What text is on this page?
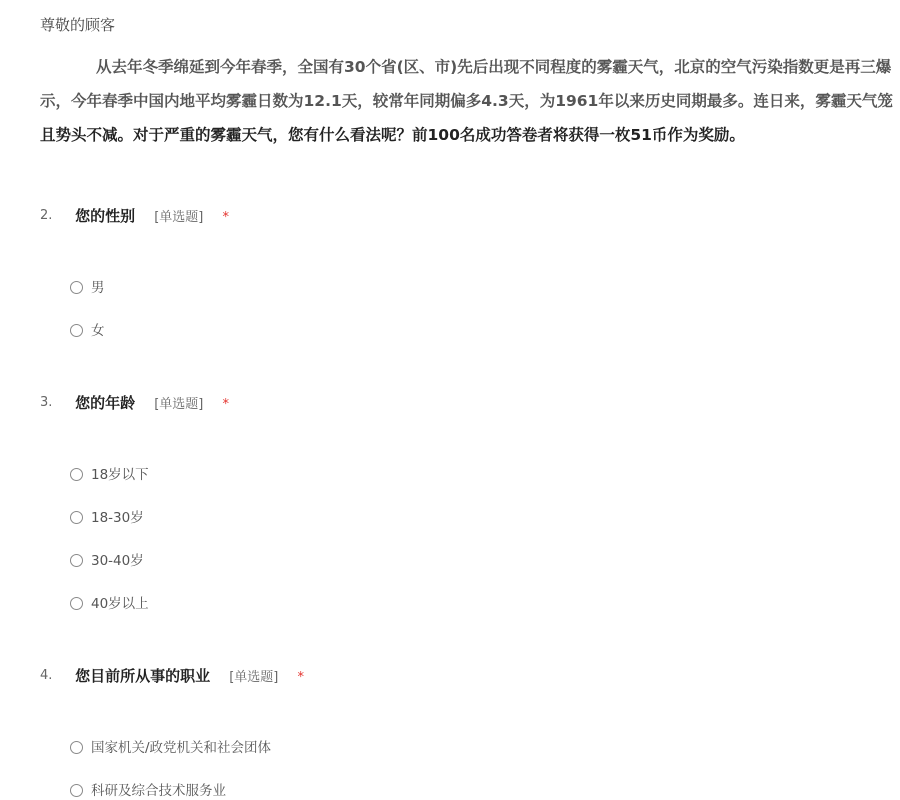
尊敬的顾客
从去年冬季绵延到今年春季，全国有30个省(区、市)先后出现不同程度的雾霾天气，北京的空气污染指数更是再三爆
示，今年春季中国内地平均雾霾日数为12.1天，较常年同期偏多4.3天，为1961年以来历史同期最多。连日来，雾霾天气笼
且势头不减。对于严重的雾霾天气，您有什么看法呢？前100名成功答卷者将获得一枚51币作为奖励。
2. 您的性别 [单选题] *
男
女
3. 您的年龄 [单选题] *
18岁以下
18-30岁
30-40岁
40岁以上
4. 您目前所从事的职业 [单选题] *
国家机关/政党机关和社会团体
科研及综合技术服务业
